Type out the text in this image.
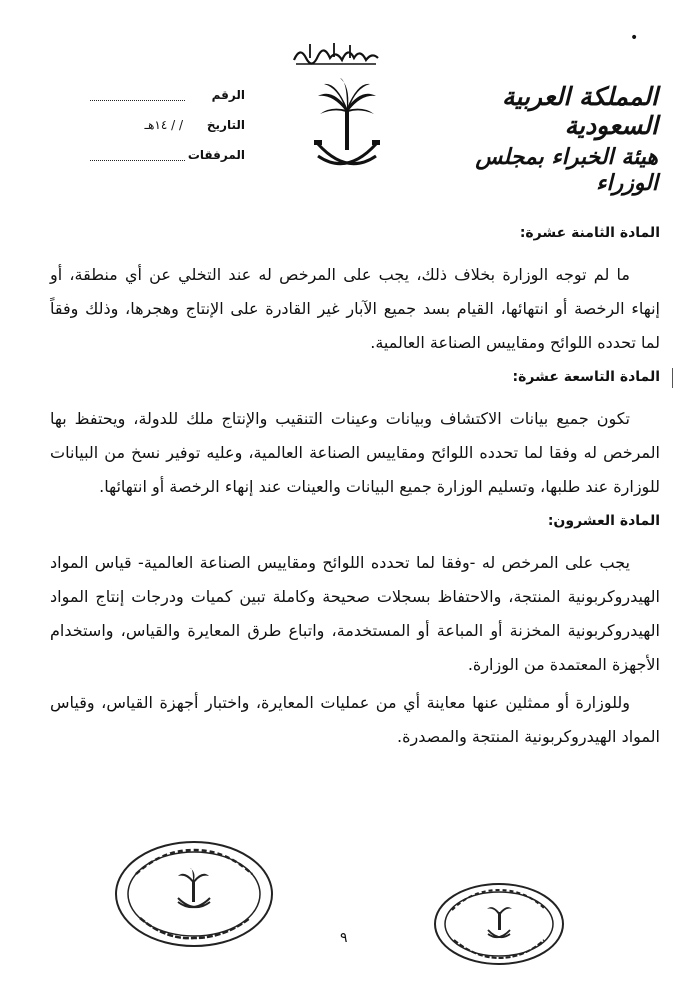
•
المملكة العربية السعودية
هيئة الخبراء بمجلس الوزراء
الرقم
التاريخ
/ / ١٤هـ
المرفقات
المادة الثامنة عشرة:

ما لم توجه الوزارة بخلاف ذلك، يجب على المرخص له عند التخلي عن أي منطقة، أو إنهاء الرخصة أو انتهائها، القيام بسد جميع الآبار غير القادرة على الإنتاج وهجرها، وذلك وفقاً لما تحدده اللوائح ومقاييس الصناعة العالمية.

المادة التاسعة عشرة:

تكون جميع بيانات الاكتشاف وبيانات وعينات التنقيب والإنتاج ملك للدولة، ويحتفظ بها المرخص له وفقا لما تحدده اللوائح ومقاييس الصناعة العالمية، وعليه توفير نسخ من البيانات للوزارة عند طلبها، وتسليم الوزارة جميع البيانات والعينات عند إنهاء الرخصة أو انتهائها.

المادة العشرون:

يجب على المرخص له -وفقا لما تحدده اللوائح ومقاييس الصناعة العالمية- قياس المواد الهيدروكربونية المنتجة، والاحتفاظ بسجلات صحيحة وكاملة تبين كميات ودرجات إنتاج المواد الهيدروكربونية المخزنة أو المباعة أو المستخدمة، واتباع طرق المعايرة والقياس، واستخدام الأجهزة المعتمدة من الوزارة.

وللوزارة أو ممثلين عنها معاينة أي من عمليات المعايرة، واختبار أجهزة القياس، وقياس المواد الهيدروكربونية المنتجة والمصدرة.

٩
